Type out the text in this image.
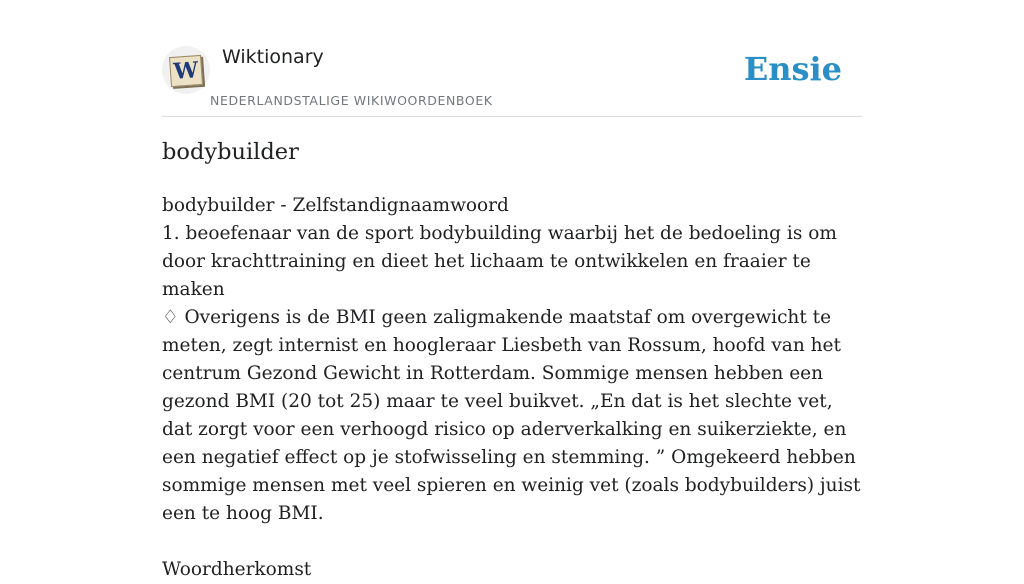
W
Wiktionary
NEDERLANDSTALIGE WIKIWOORDENBOEK
Ensie
bodybuilder

bodybuilder - Zelfstandignaamwoord

1. beoefenaar van de sport bodybuilding waarbij het de bedoeling is om door krachttraining en dieet het lichaam te ontwikkelen en fraaier te maken

♢ Overigens is de BMI geen zaligmakende maatstaf om overgewicht te meten, zegt internist en hoogleraar Liesbeth van Rossum, hoofd van het centrum Gezond Gewicht in Rotterdam. Sommige mensen hebben een gezond BMI (20 tot 25) maar te veel buikvet. „En dat is het slechte vet, dat zorgt voor een verhoogd risico op aderverkalking en suikerziekte, en een negatief effect op je stofwisseling en stemming. ” Omgekeerd hebben sommige mensen met veel spieren en weinig vet (zoals bodybuilders) juist een te hoog BMI.

Woordherkomst
